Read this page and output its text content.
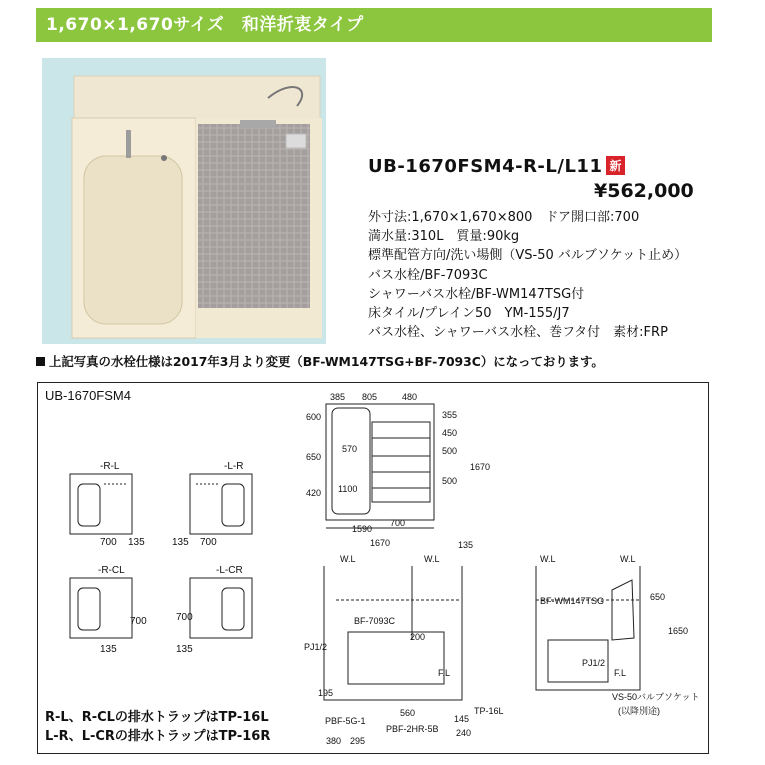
1,670×1,670サイズ　和洋折衷タイプ
UB-1670FSM4-R-L/L11 新
¥562,000
外寸法:1,670×1,670×800　ドア開口部:700
満水量:310L　質量:90kg
標準配管方向/洗い場側（VS-50 バルブソケット止め）
バス水栓/BF-7093C
シャワーバス水栓/BF-WM147TSG付
床タイル/プレイン50　YM-155/J7
バス水栓、シャワーバス水栓、巻フタ付　素材:FRP
上記写真の水栓仕様は2017年3月より変更（BF-WM147TSG+BF-7093C）になっております。
UB-1670FSM4
-R-L
700 135
-L-R
135 700
-R-CL
700
135
-L-CR
700
135
385 805	480
600
650
420
355
450
500
500
1670
570
1100
700
1590
1670	135
W.L	W.L
BF-7093C
PJ1/2
F.L
195
200
560
145
380 295
240
PBF-5G-1
PBF-2HR-5B
TP-16L
W.L	W.L
BF-WM147TSG
PJ1/2
F.L
650
1650
VS-50バルブソケット
(以降別途)
R-L、R-CLの排水トラップはTP-16L
L-R、L-CRの排水トラップはTP-16R
